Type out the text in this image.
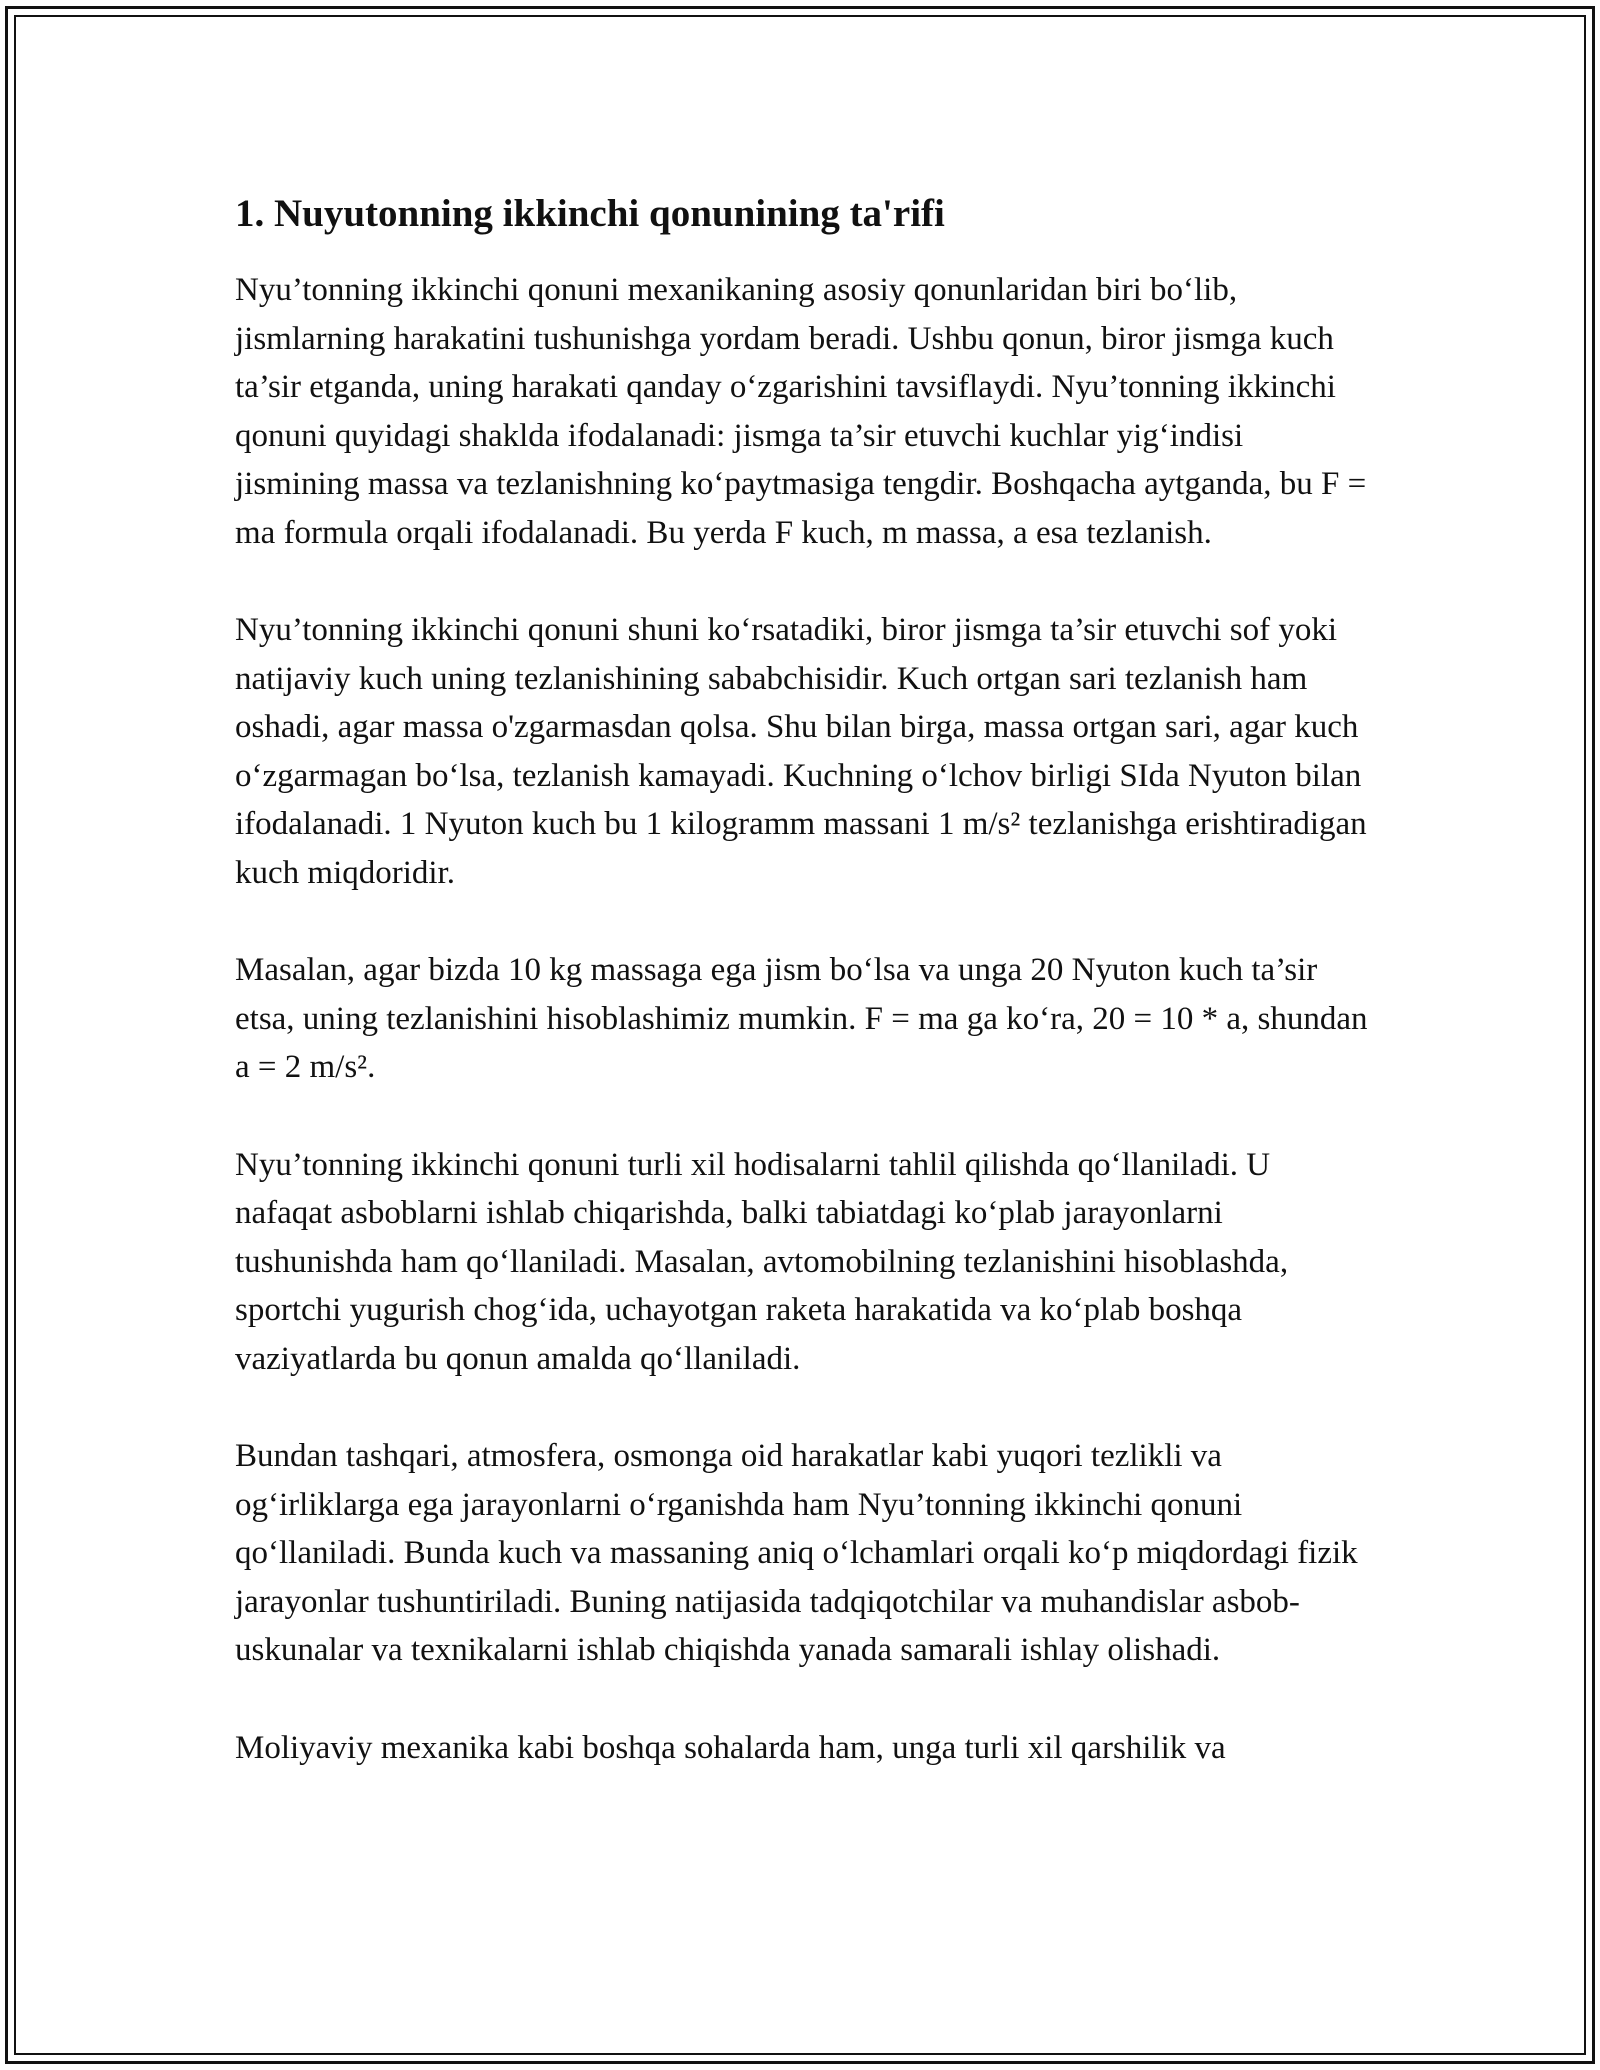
1. Nuyutonning ikkinchi qonunining ta'rifi

Nyu’tonning ikkinchi qonuni mexanikaning asosiy qonunlaridan biri bo‘lib, jismlarning harakatini tushunishga yordam beradi. Ushbu qonun, biror jismga kuch ta’sir etganda, uning harakati qanday o‘zgarishini tavsiflaydi. Nyu’tonning ikkinchi qonuni quyidagi shaklda ifodalanadi: jismga ta’sir etuvchi kuchlar yig‘indisi jismining massa va tezlanishning ko‘paytmasiga tengdir. Boshqacha aytganda, bu F = ma formula orqali ifodalanadi. Bu yerda F kuch, m massa, a esa tezlanish.

Nyu’tonning ikkinchi qonuni shuni ko‘rsatadiki, biror jismga ta’sir etuvchi sof yoki natijaviy kuch uning tezlanishining sababchisidir. Kuch ortgan sari tezlanish ham oshadi, agar massa o'zgarmasdan qolsa. Shu bilan birga, massa ortgan sari, agar kuch o‘zgarmagan bo‘lsa, tezlanish kamayadi. Kuchning o‘lchov birligi SIda Nyuton bilan ifodalanadi. 1 Nyuton kuch bu 1 kilogramm massani 1 m/s² tezlanishga erishtiradigan kuch miqdoridir.

Masalan, agar bizda 10 kg massaga ega jism bo‘lsa va unga 20 Nyuton kuch ta’sir etsa, uning tezlanishini hisoblashimiz mumkin. F = ma ga ko‘ra, 20 = 10 * a, shundan a = 2 m/s².

Nyu’tonning ikkinchi qonuni turli xil hodisalarni tahlil qilishda qo‘llaniladi. U nafaqat asboblarni ishlab chiqarishda, balki tabiatdagi ko‘plab jarayonlarni tushunishda ham qo‘llaniladi. Masalan, avtomobilning tezlanishini hisoblashda, sportchi yugurish chog‘ida, uchayotgan raketa harakatida va ko‘plab boshqa vaziyatlarda bu qonun amalda qo‘llaniladi.

Bundan tashqari, atmosfera, osmonga oid harakatlar kabi yuqori tezlikli va og‘irliklarga ega jarayonlarni o‘rganishda ham Nyu’tonning ikkinchi qonuni qo‘llaniladi. Bunda kuch va massaning aniq o‘lchamlari orqali ko‘p miqdordagi fizik jarayonlar tushuntiriladi. Buning natijasida tadqiqotchilar va muhandislar asbob-uskunalar va texnikalarni ishlab chiqishda yanada samarali ishlay olishadi.

Moliyaviy mexanika kabi boshqa sohalarda ham, unga turli xil qarshilik va
